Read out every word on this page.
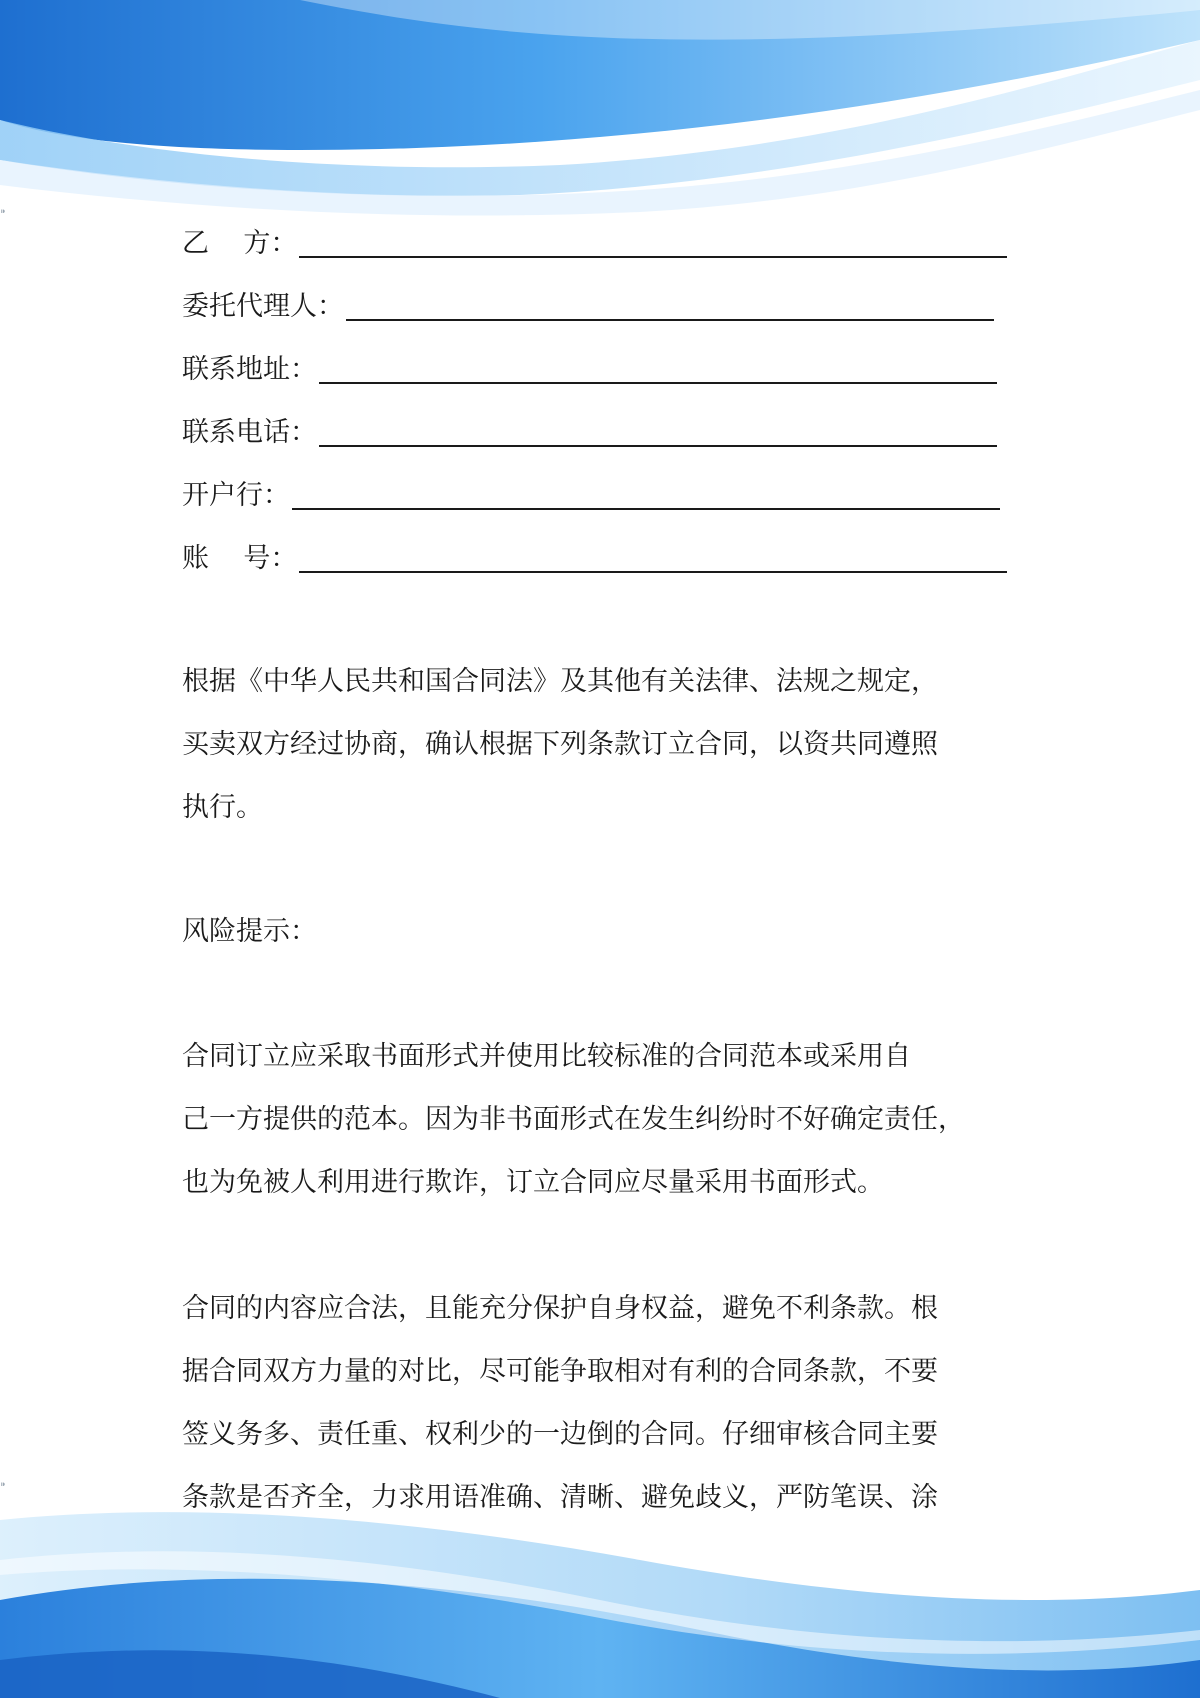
⁍
⁍
乙    方：
委托代理人：
联系地址：
联系电话：
开户行：
账    号：
根据《中华人民共和国合同法》及其他有关法律、法规之规定，
买卖双方经过协商，确认根据下列条款订立合同，以资共同遵照
执行。
风险提示：
合同订立应采取书面形式并使用比较标准的合同范本或采用自
己一方提供的范本。因为非书面形式在发生纠纷时不好确定责任，
也为免被人利用进行欺诈，订立合同应尽量采用书面形式。
合同的内容应合法，且能充分保护自身权益，避免不利条款。根
据合同双方力量的对比，尽可能争取相对有利的合同条款，不要
签义务多、责任重、权利少的一边倒的合同。仔细审核合同主要
条款是否齐全，力求用语准确、清晰、避免歧义，严防笔误、涂
